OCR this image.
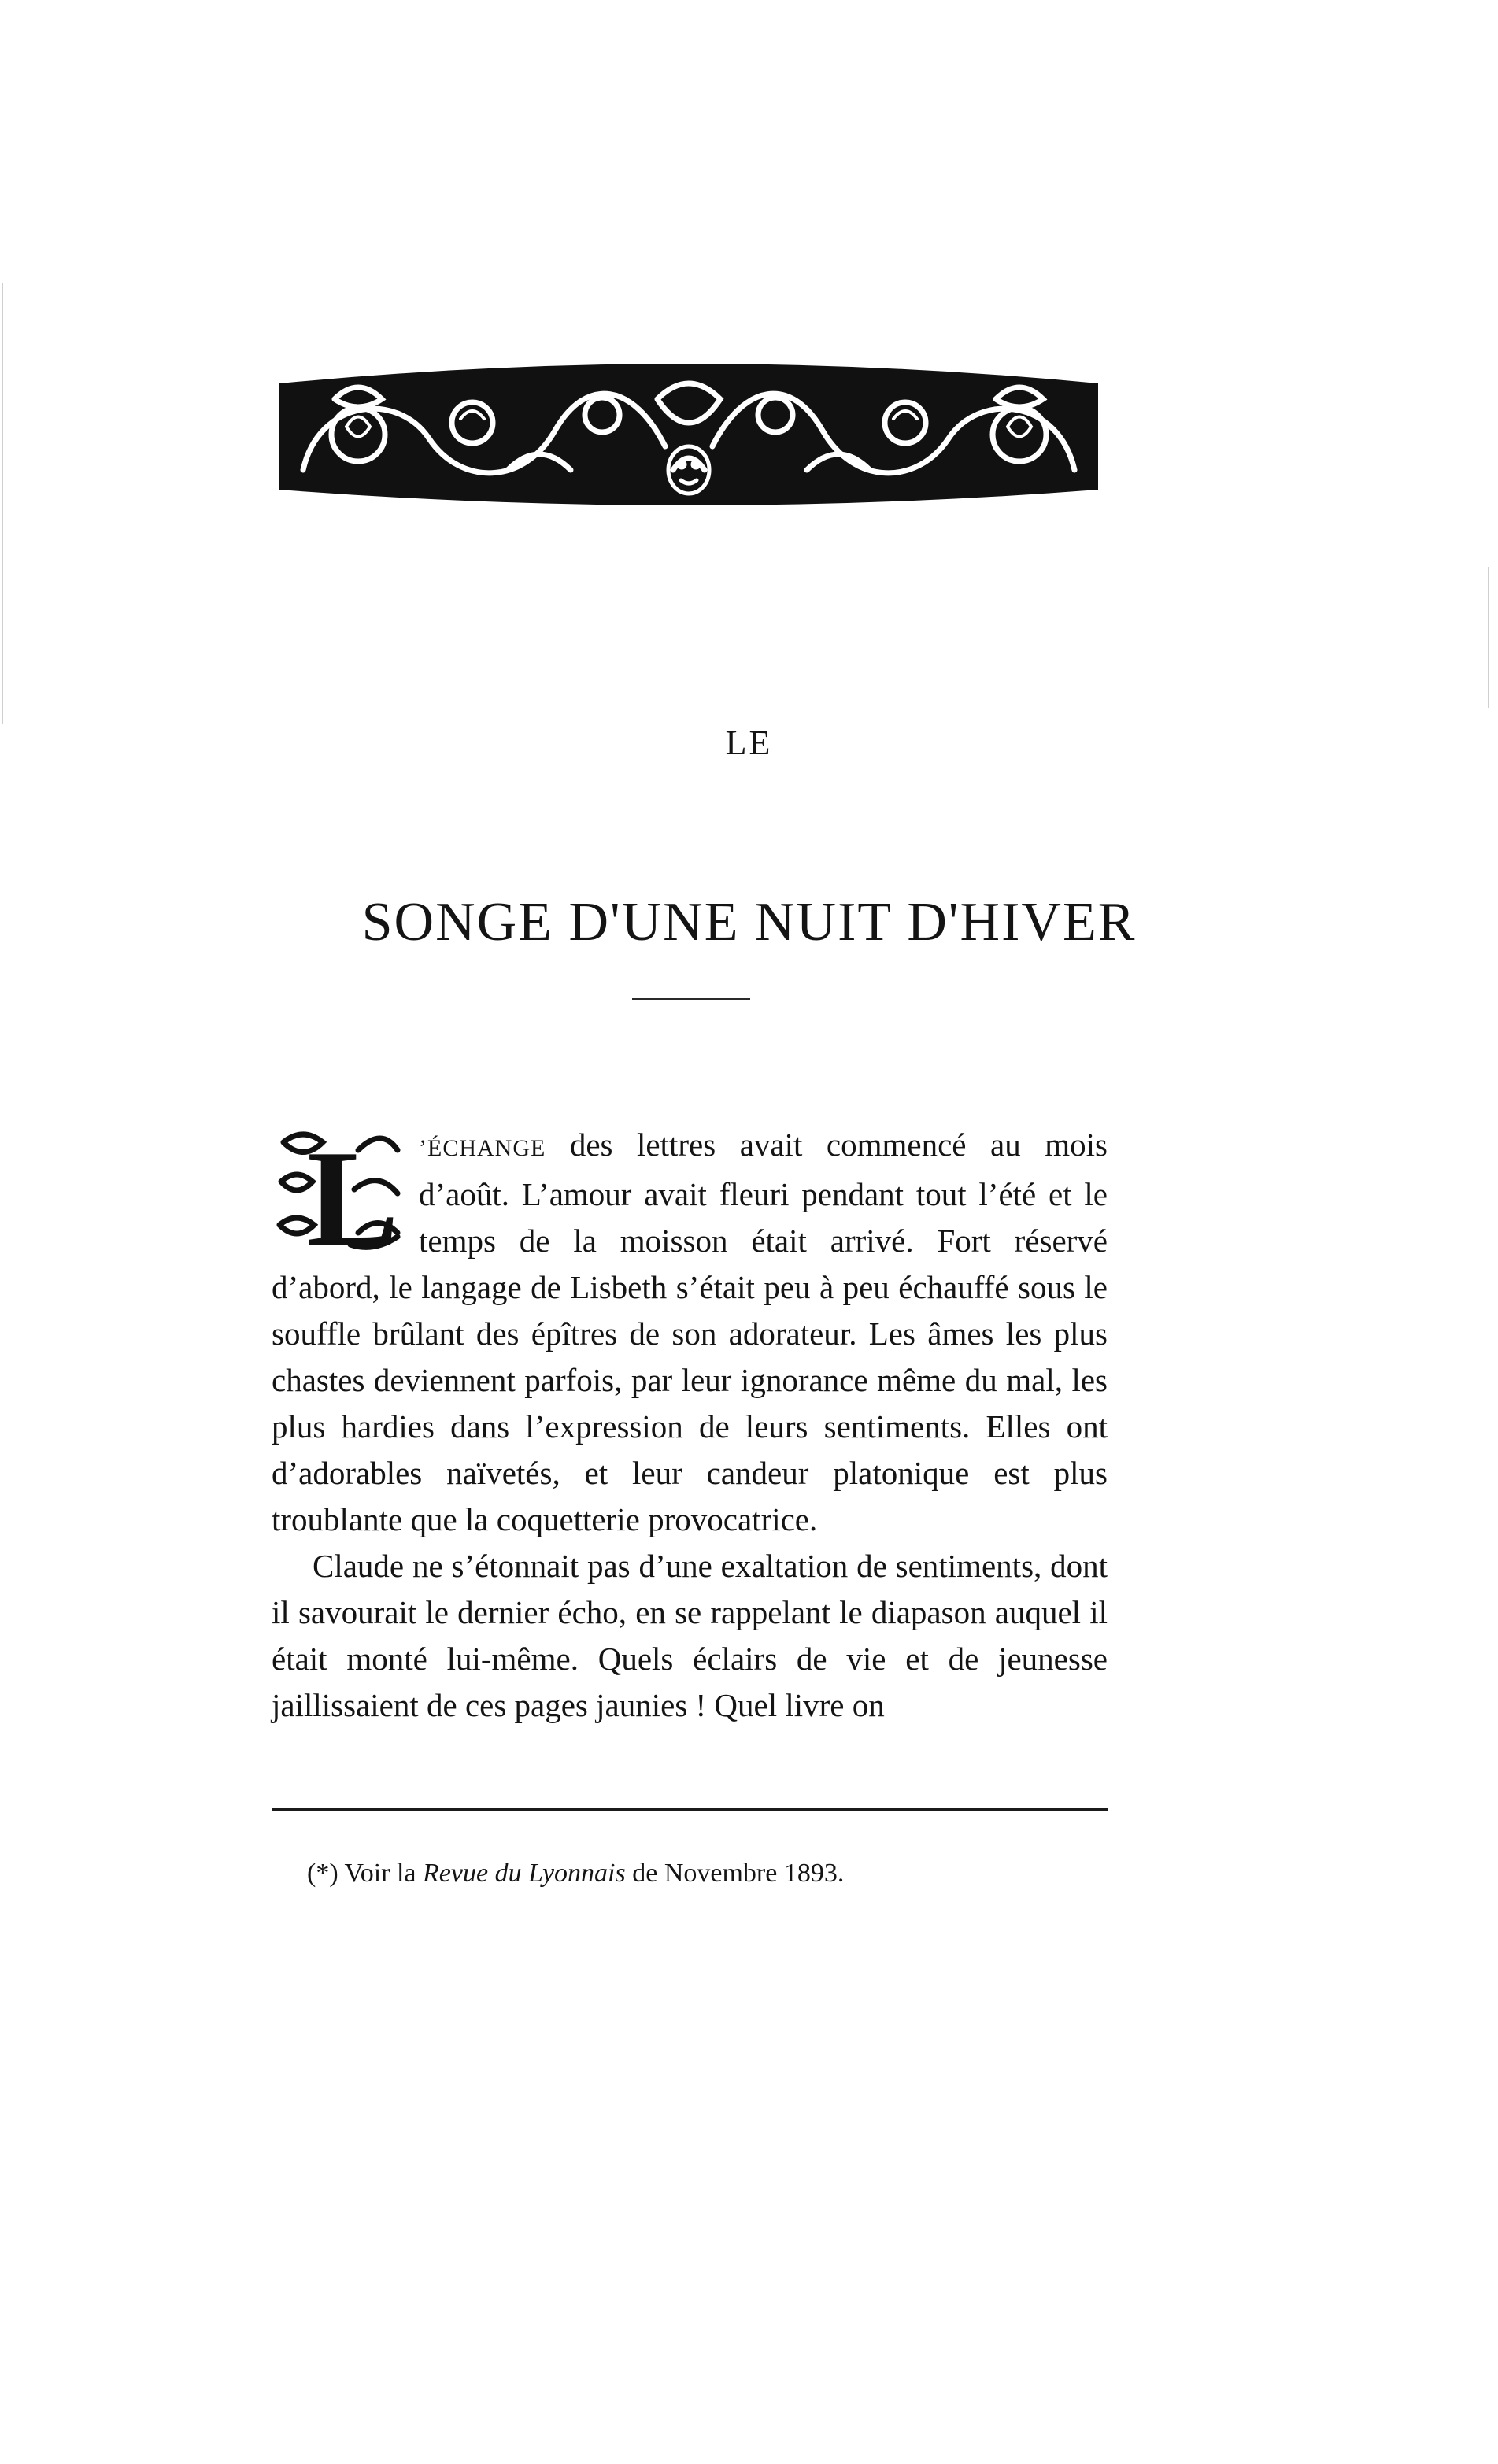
LE
SONGE D'UNE NUIT D'HIVER

L ’ÉCHANGE des lettres avait commencé au mois d’août. L’amour avait fleuri pendant tout l’été et le temps de la moisson était arrivé. Fort réservé d’abord, le langage de Lisbeth s’était peu à peu échauffé sous le souffle brûlant des épîtres de son adorateur. Les âmes les plus chastes deviennent parfois, par leur ignorance même du mal, les plus hardies dans l’expression de leurs sentiments. Elles ont d’adorables naïvetés, et leur candeur platonique est plus troublante que la coquetterie provocatrice.

Claude ne s’étonnait pas d’une exaltation de sentiments, dont il savourait le dernier écho, en se rappelant le diapason auquel il était monté lui-même. Quels éclairs de vie et de jeunesse jaillissaient de ces pages jaunies ! Quel livre on

(*) Voir la Revue du Lyonnais de Novembre 1893.
